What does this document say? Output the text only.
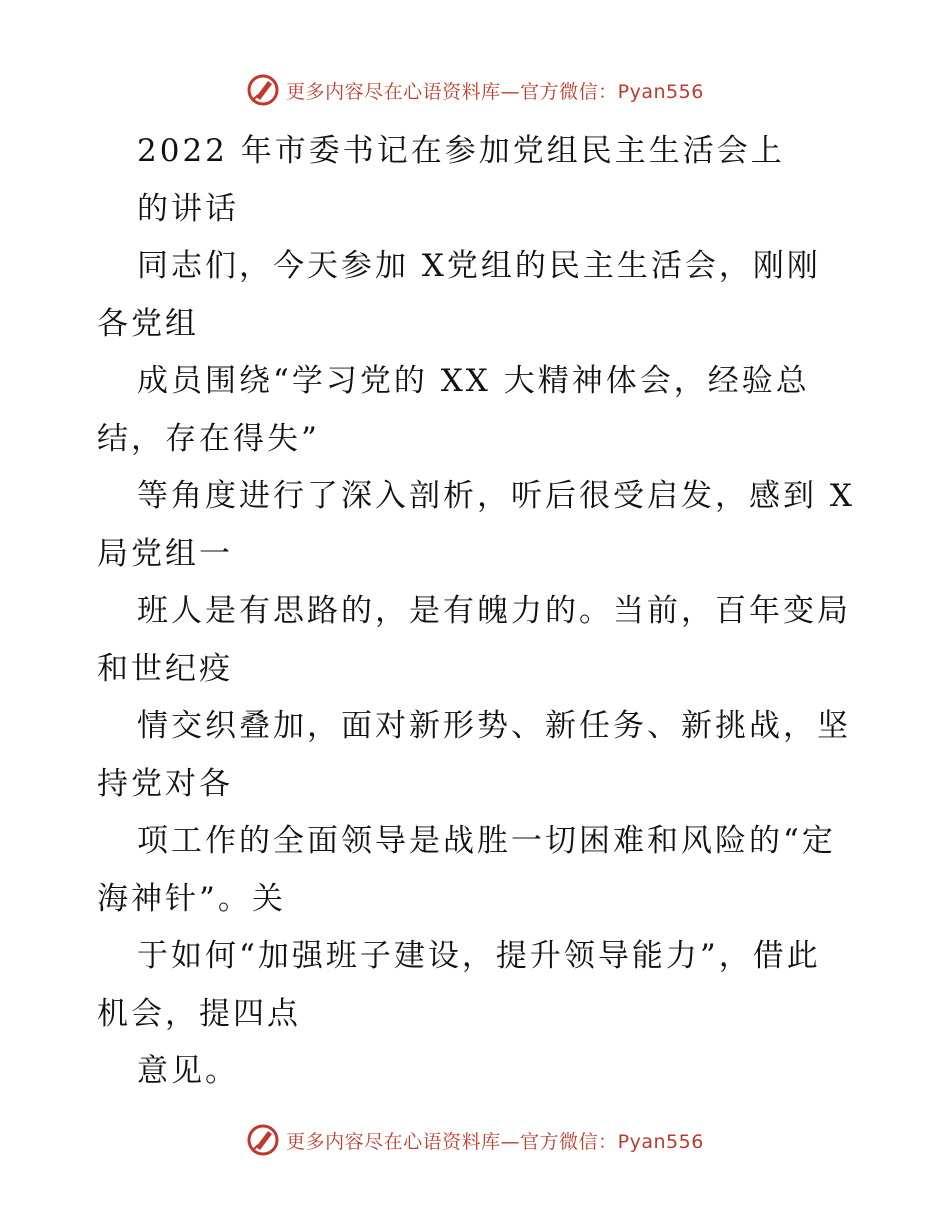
更多内容尽在心语资料库—官方微信：Pyan556
2022 年市委书记在参加党组民主生活会上
的讲话
同志们，今天参加 X党组的民主生活会，刚刚
各党组
成员围绕“学习党的 XX 大精神体会，经验总
结，存在得失”
等角度进行了深入剖析，听后很受启发，感到 X
局党组一
班人是有思路的，是有魄力的。当前，百年变局
和世纪疫
情交织叠加，面对新形势、新任务、新挑战，坚
持党对各
项工作的全面领导是战胜一切困难和风险的“定
海神针”。关
于如何“加强班子建设，提升领导能力”，借此
机会，提四点
意见。
更多内容尽在心语资料库—官方微信：Pyan556
